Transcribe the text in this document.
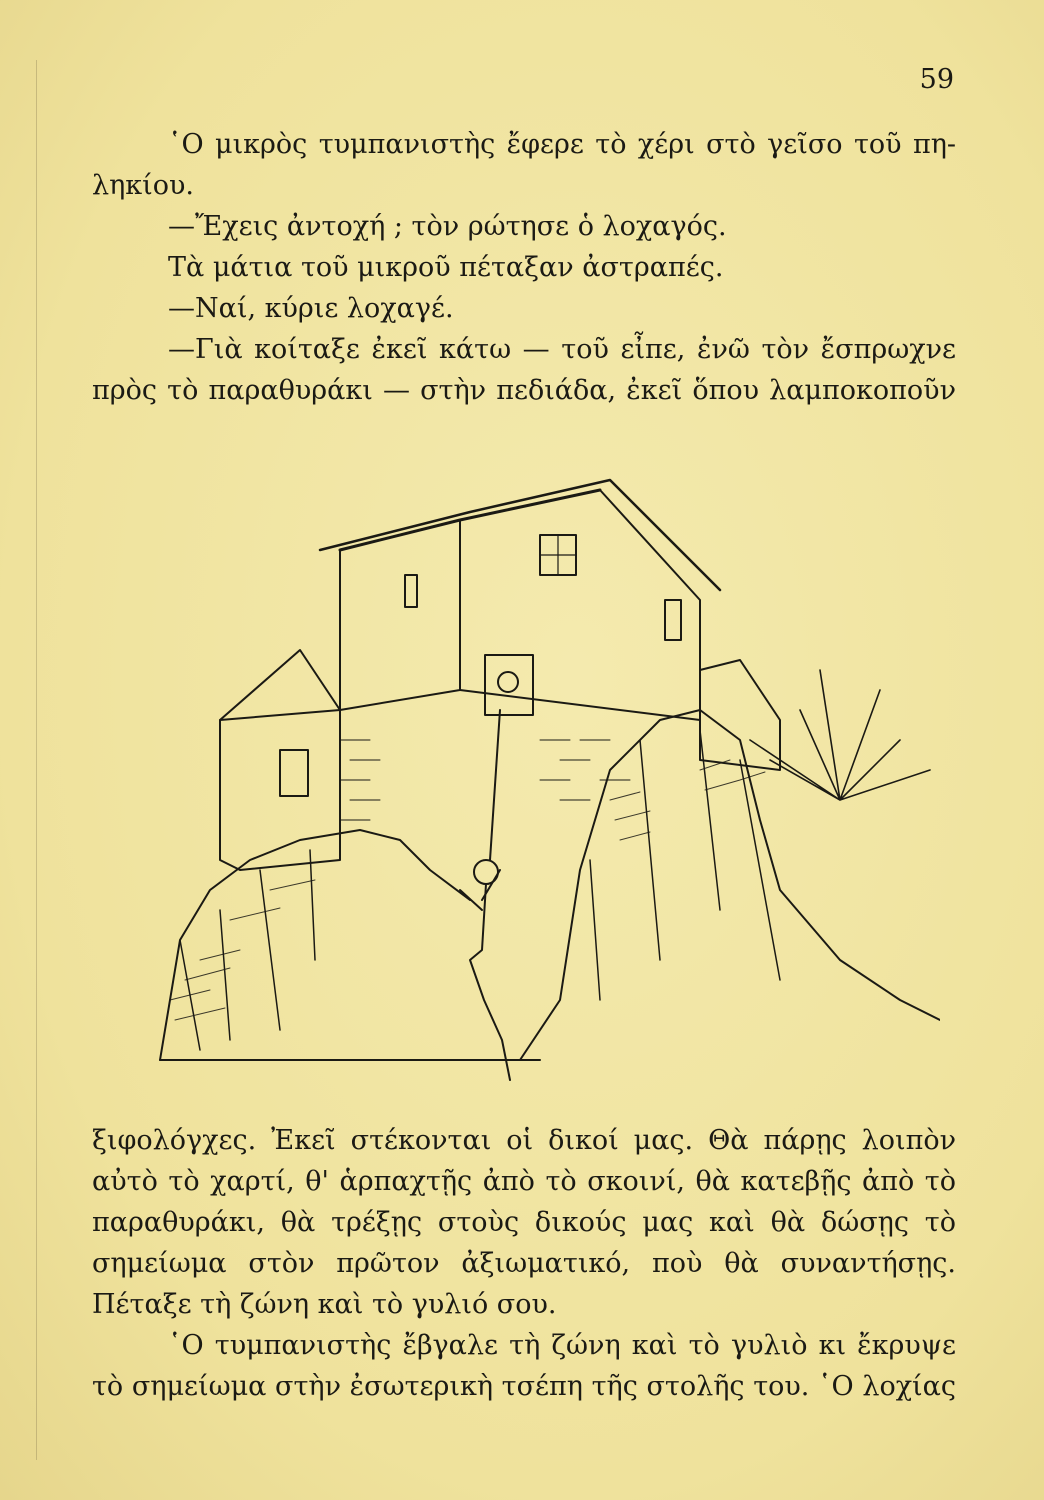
59

῾Ο μικρὸς τυμπανιστὴς ἔφερε τὸ χέρι στὸ γεῖσο τοῦ πη-

ληκίου.

—Ἔχεις ἀντοχή ; τὸν ρώτησε ὁ λοχαγός.

Τὰ μάτια τοῦ μικροῦ πέταξαν ἀστραπές.

—Ναί, κύριε λοχαγέ.

—Γιὰ κοίταξε ἐκεῖ κάτω — τοῦ εἶπε, ἐνῶ τὸν ἔσπρωχνε

πρὸς τὸ παραθυράκι — στὴν πεδιάδα, ἐκεῖ ὅπου λαμποκοποῦν

ξιφολόγχες. Ἐκεῖ στέκονται οἱ δικοί μας. Θὰ πάρῃς λοιπὸν

αὐτὸ τὸ χαρτί, θ' ἁρπαχτῇς ἀπὸ τὸ σκοινί, θὰ κατεβῇς ἀπὸ τὸ

παραθυράκι, θὰ τρέξῃς στοὺς δικούς μας καὶ θὰ δώσῃς τὸ

σημείωμα στὸν πρῶτον ἀξιωματικό, ποὺ θὰ συναντήσῃς.

Πέταξε τὴ ζώνη καὶ τὸ γυλιό σου.

῾Ο τυμπανιστὴς ἔβγαλε τὴ ζώνη καὶ τὸ γυλιὸ κι ἔκρυψε

τὸ σημείωμα στὴν ἐσωτερικὴ τσέπη τῆς στολῆς του. ῾Ο λοχίας
